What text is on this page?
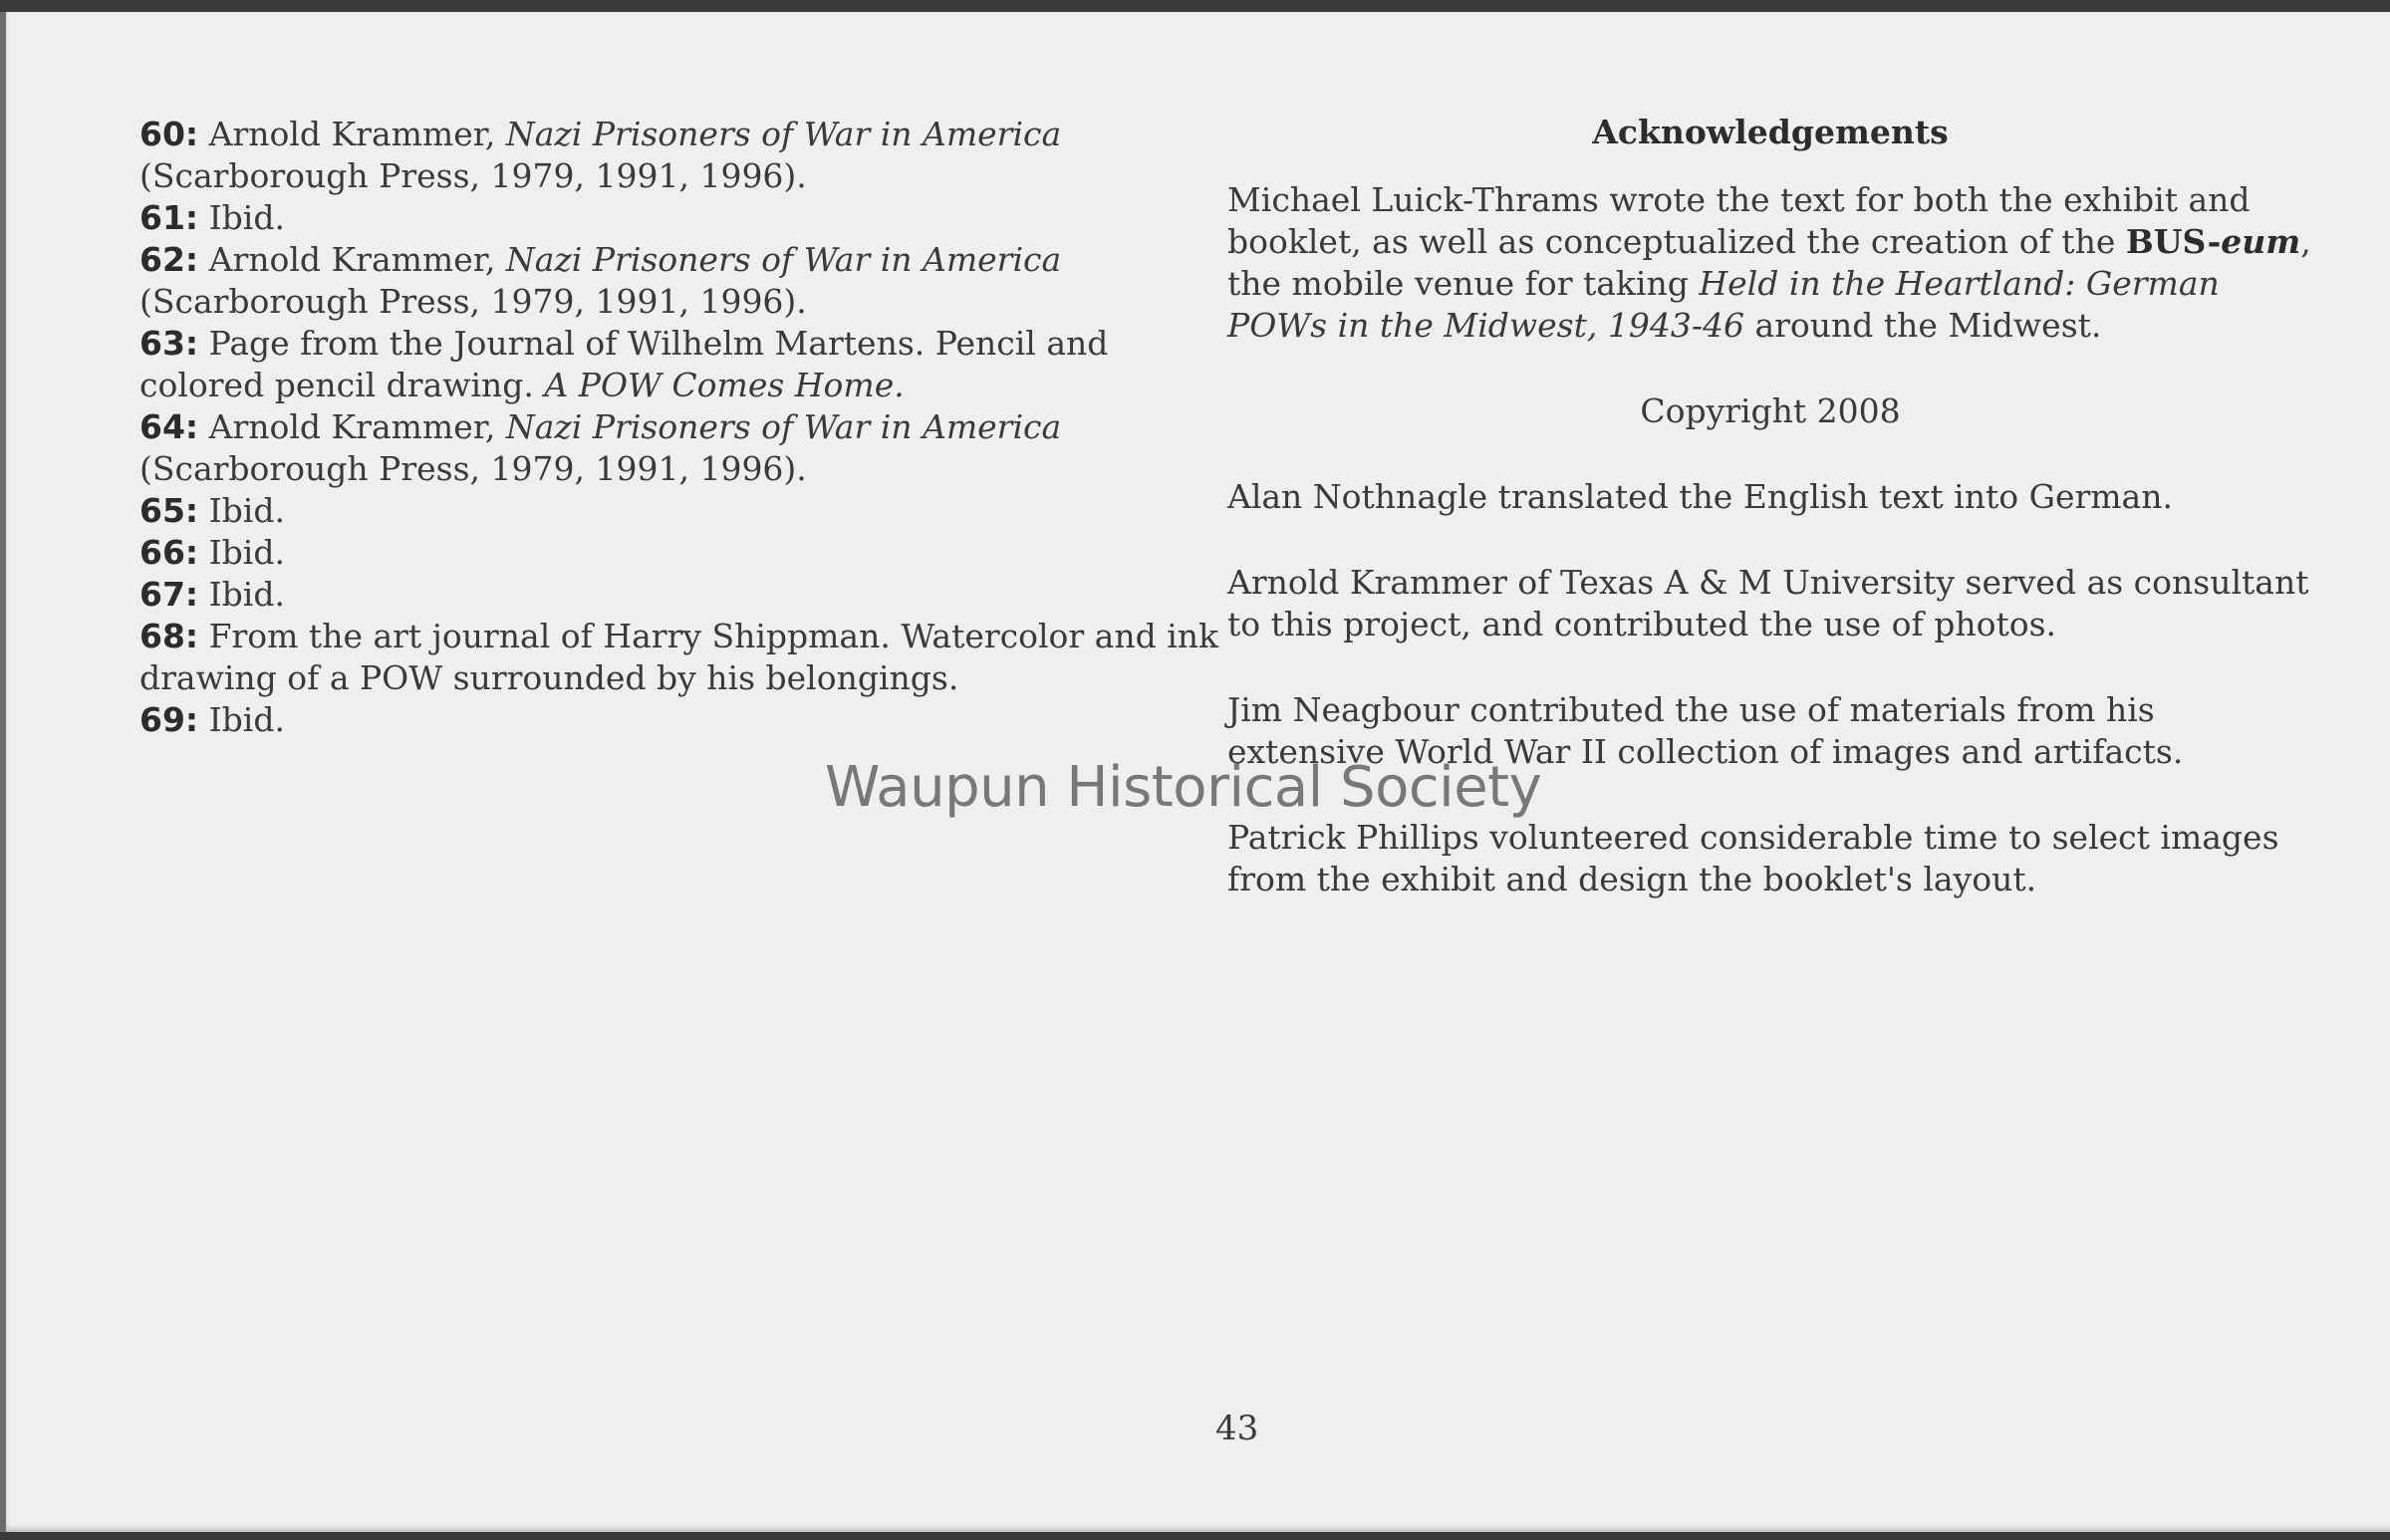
60: Arnold Krammer, Nazi Prisoners of War in America
(Scarborough Press, 1979, 1991, 1996).

61: Ibid.

62: Arnold Krammer, Nazi Prisoners of War in America
(Scarborough Press, 1979, 1991, 1996).

63: Page from the Journal of Wilhelm Martens. Pencil and colored pencil drawing. A POW Comes Home.

64: Arnold Krammer, Nazi Prisoners of War in America
(Scarborough Press, 1979, 1991, 1996).

65: Ibid.

66: Ibid.

67: Ibid.

68: From the art journal of Harry Shippman. Watercolor and ink drawing of a POW surrounded by his belongings.

69: Ibid.

Acknowledgements

Michael Luick-Thrams wrote the text for both the exhibit and booklet, as well as conceptualized the creation of the BUS-eum, the mobile venue for taking Held in the Heartland: German POWs in the Midwest, 1943-46 around the Midwest.

Copyright 2008

Alan Nothnagle translated the English text into German.

Arnold Krammer of Texas A & M University served as consultant to this project, and contributed the use of photos.

Jim Neagbour contributed the use of materials from his extensive World War II collection of images and artifacts.

Patrick Phillips volunteered considerable time to select images from the exhibit and design the booklet's layout.

Waupun Historical Society
43
